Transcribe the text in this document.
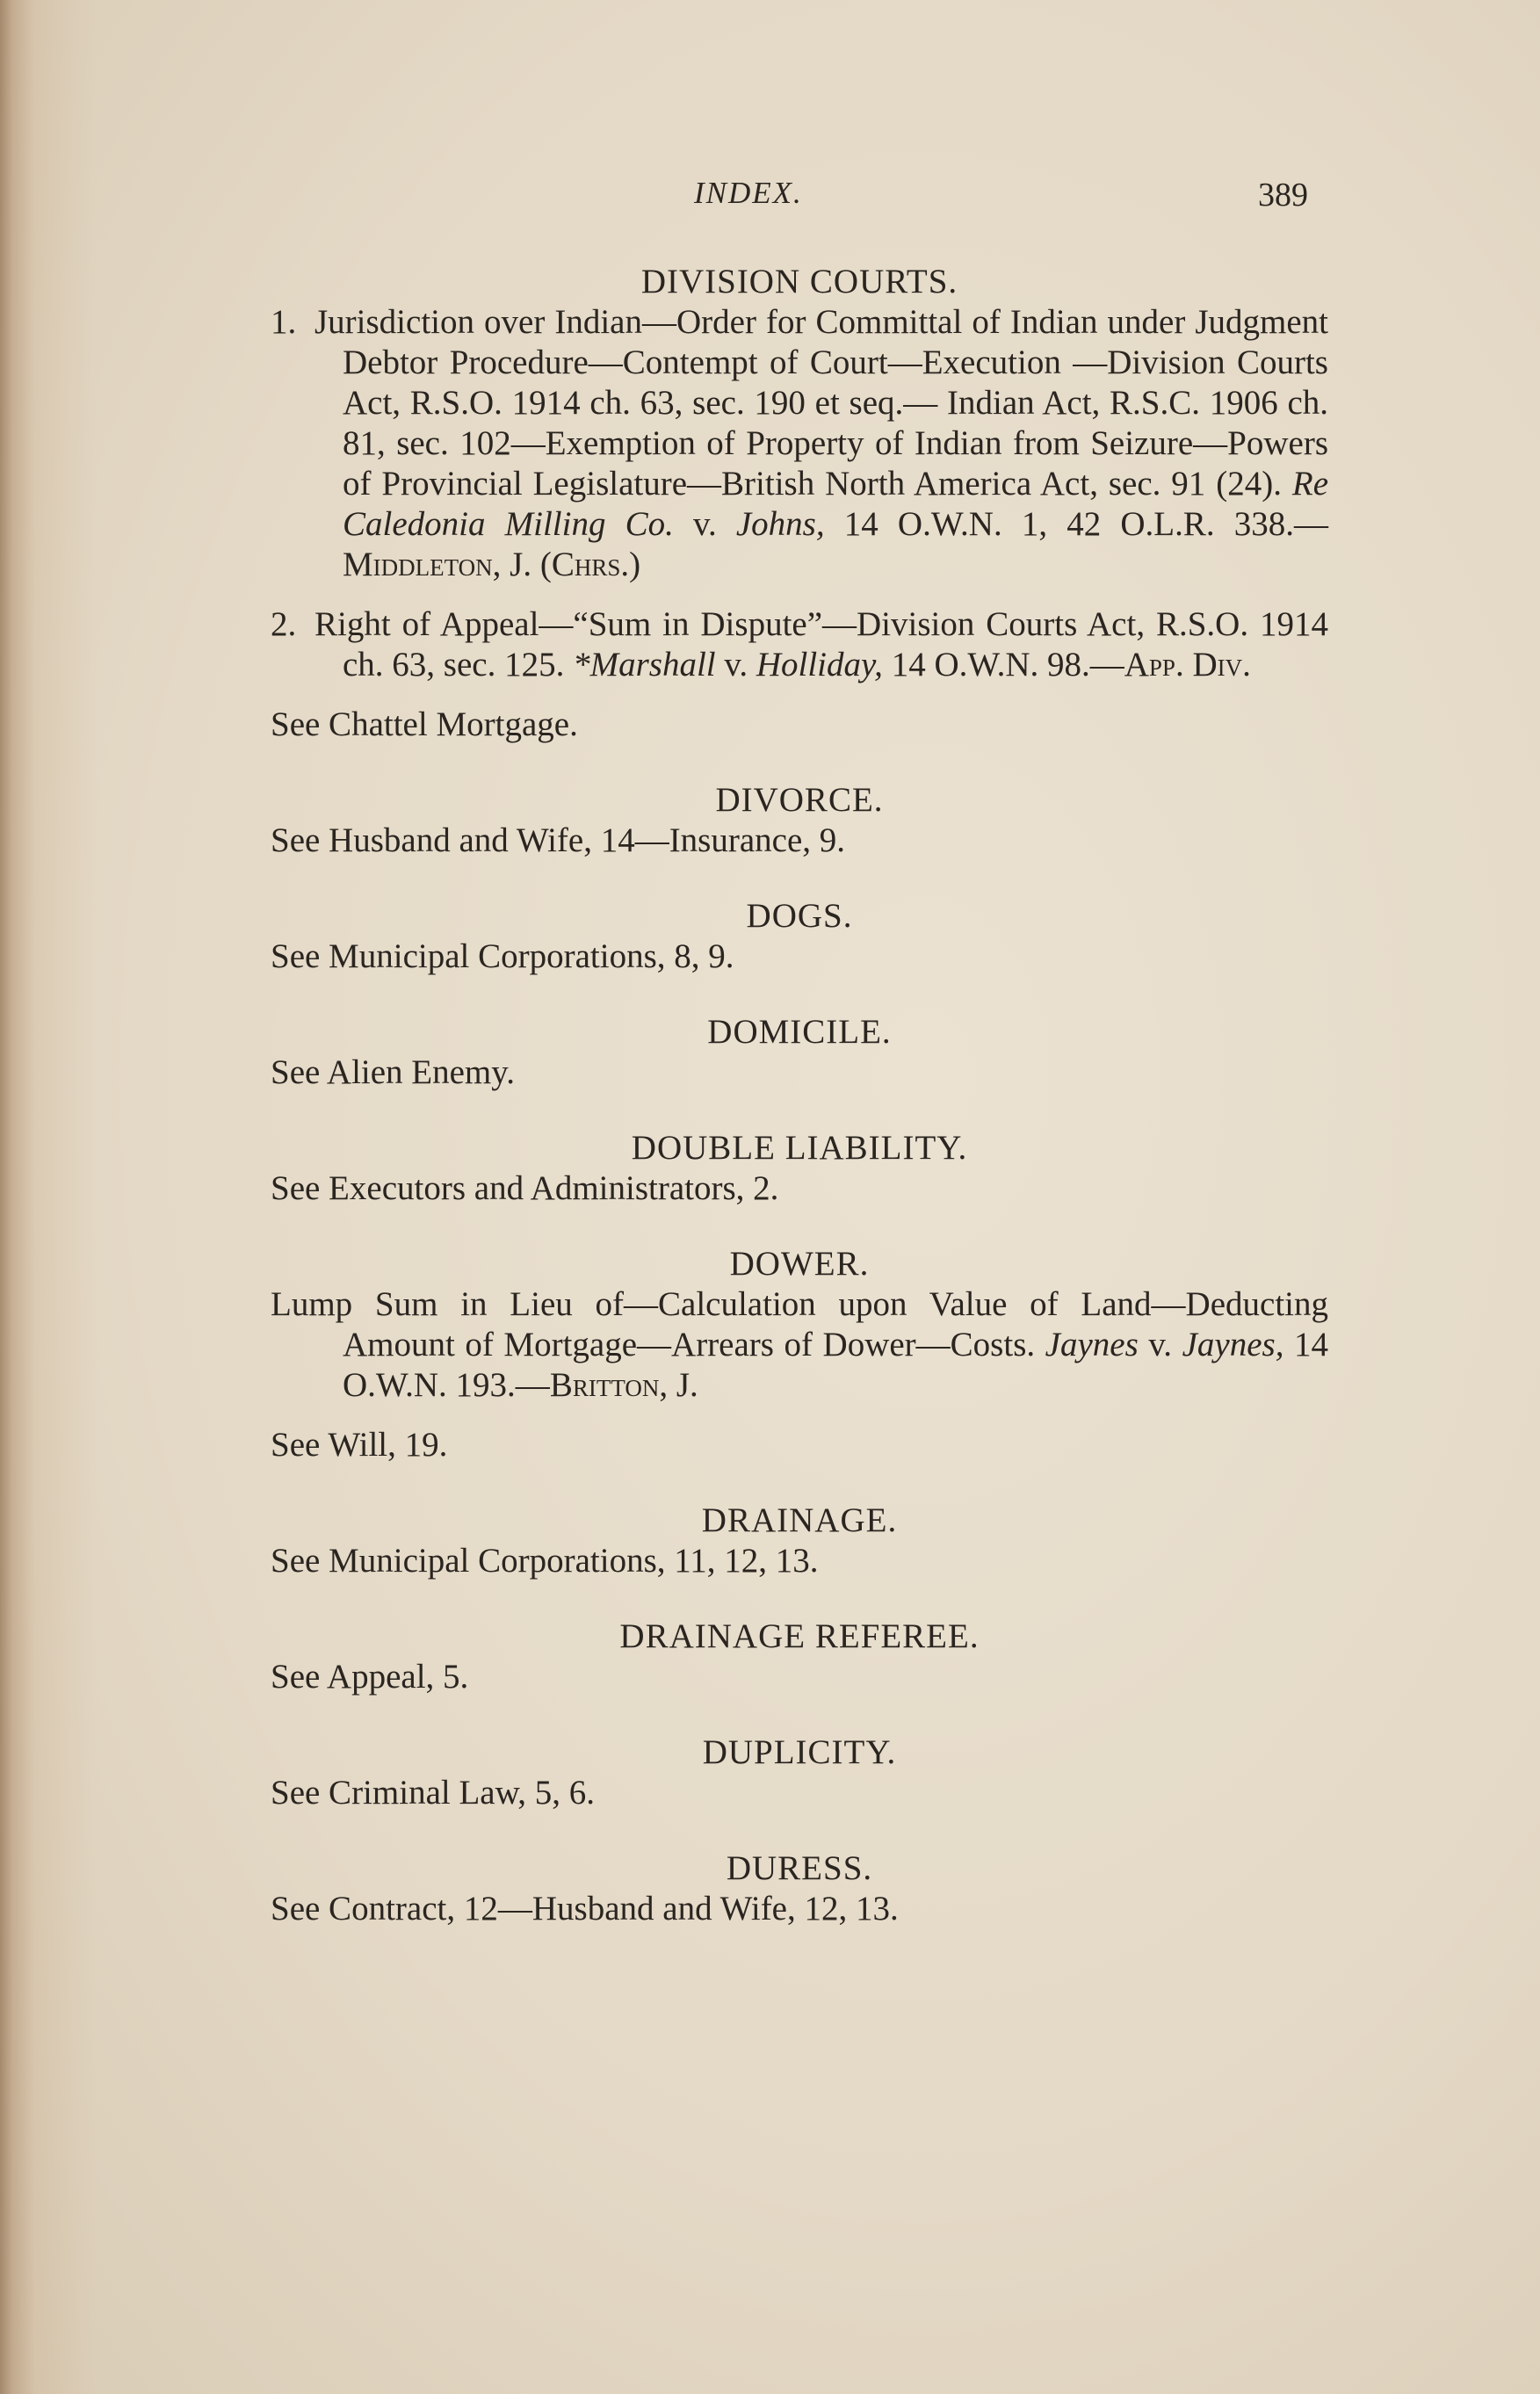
INDEX.	389

DIVISION COURTS.

1. Jurisdiction over Indian—Order for Committal of Indian under Judgment Debtor Procedure—Contempt of Court—Execution —Division Courts Act, R.S.O. 1914 ch. 63, sec. 190 et seq.— Indian Act, R.S.C. 1906 ch. 81, sec. 102—Exemption of Property of Indian from Seizure—Powers of Provincial Legislature—British North America Act, sec. 91 (24). Re Caledonia Milling Co. v. Johns, 14 O.W.N. 1, 42 O.L.R. 338.— Middleton, J. (Chrs.)

2. Right of Appeal—“Sum in Dispute”—Division Courts Act, R.S.O. 1914 ch. 63, sec. 125. *Marshall v. Holliday, 14 O.W.N. 98.—App. Div.

See Chattel Mortgage.

DIVORCE.

See Husband and Wife, 14—Insurance, 9.

DOGS.

See Municipal Corporations, 8, 9.

DOMICILE.

See Alien Enemy.

DOUBLE LIABILITY.

See Executors and Administrators, 2.

DOWER.

Lump Sum in Lieu of—Calculation upon Value of Land—Deducting Amount of Mortgage—Arrears of Dower—Costs. Jaynes v. Jaynes, 14 O.W.N. 193.—Britton, J.

See Will, 19.

DRAINAGE.

See Municipal Corporations, 11, 12, 13.

DRAINAGE REFEREE.

See Appeal, 5.

DUPLICITY.

See Criminal Law, 5, 6.

DURESS.

See Contract, 12—Husband and Wife, 12, 13.
